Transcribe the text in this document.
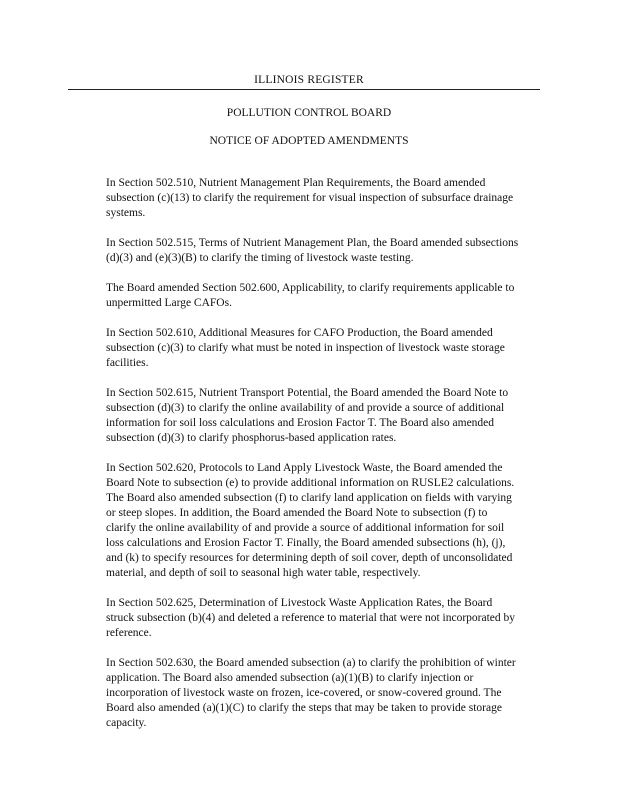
ILLINOIS REGISTER
POLLUTION CONTROL BOARD
NOTICE OF ADOPTED AMENDMENTS

In Section 502.510, Nutrient Management Plan Requirements, the Board amended
subsection (c)(13) to clarify the requirement for visual inspection of subsurface drainage
systems.

In Section 502.515, Terms of Nutrient Management Plan, the Board amended subsections
(d)(3) and (e)(3)(B) to clarify the timing of livestock waste testing.

The Board amended Section 502.600, Applicability, to clarify requirements applicable to
unpermitted Large CAFOs.

In Section 502.610, Additional Measures for CAFO Production, the Board amended
subsection (c)(3) to clarify what must be noted in inspection of livestock waste storage
facilities.

In Section 502.615, Nutrient Transport Potential, the Board amended the Board Note to
subsection (d)(3) to clarify the online availability of and provide a source of additional
information for soil loss calculations and Erosion Factor T. The Board also amended
subsection (d)(3) to clarify phosphorus-based application rates.

In Section 502.620, Protocols to Land Apply Livestock Waste, the Board amended the
Board Note to subsection (e) to provide additional information on RUSLE2 calculations.
The Board also amended subsection (f) to clarify land application on fields with varying
or steep slopes. In addition, the Board amended the Board Note to subsection (f) to
clarify the online availability of and provide a source of additional information for soil
loss calculations and Erosion Factor T. Finally, the Board amended subsections (h), (j),
and (k) to specify resources for determining depth of soil cover, depth of unconsolidated
material, and depth of soil to seasonal high water table, respectively.

In Section 502.625, Determination of Livestock Waste Application Rates, the Board
struck subsection (b)(4) and deleted a reference to material that were not incorporated by
reference.

In Section 502.630, the Board amended subsection (a) to clarify the prohibition of winter
application. The Board also amended subsection (a)(1)(B) to clarify injection or
incorporation of livestock waste on frozen, ice-covered, or snow-covered ground. The
Board also amended (a)(1)(C) to clarify the steps that may be taken to provide storage
capacity.
